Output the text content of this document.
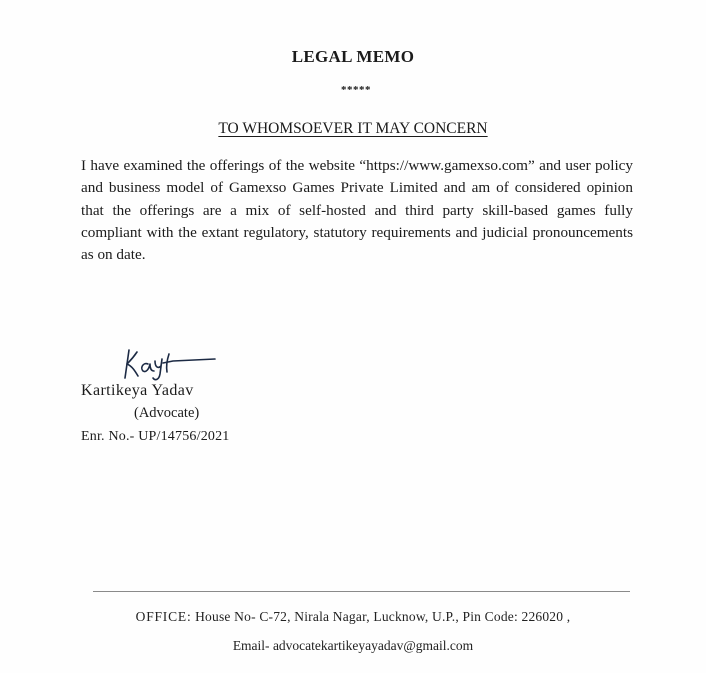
LEGAL MEMO
*****
TO WHOMSOEVER IT MAY CONCERN
I have examined the offerings of the website “https://www.gamexso.com” and user policy and business model of Gamexso Games Private Limited and am of considered opinion that the offerings are a mix of self-hosted and third party skill-based games fully compliant with the extant regulatory, statutory requirements and judicial pronouncements as on date.
Kartikeya Yadav
(Advocate)
Enr. No.- UP/14756/2021
OFFICE: House No- C-72, Nirala Nagar, Lucknow, U.P., Pin Code: 226020 ,
Email- advocatekartikeyayadav@gmail.com
